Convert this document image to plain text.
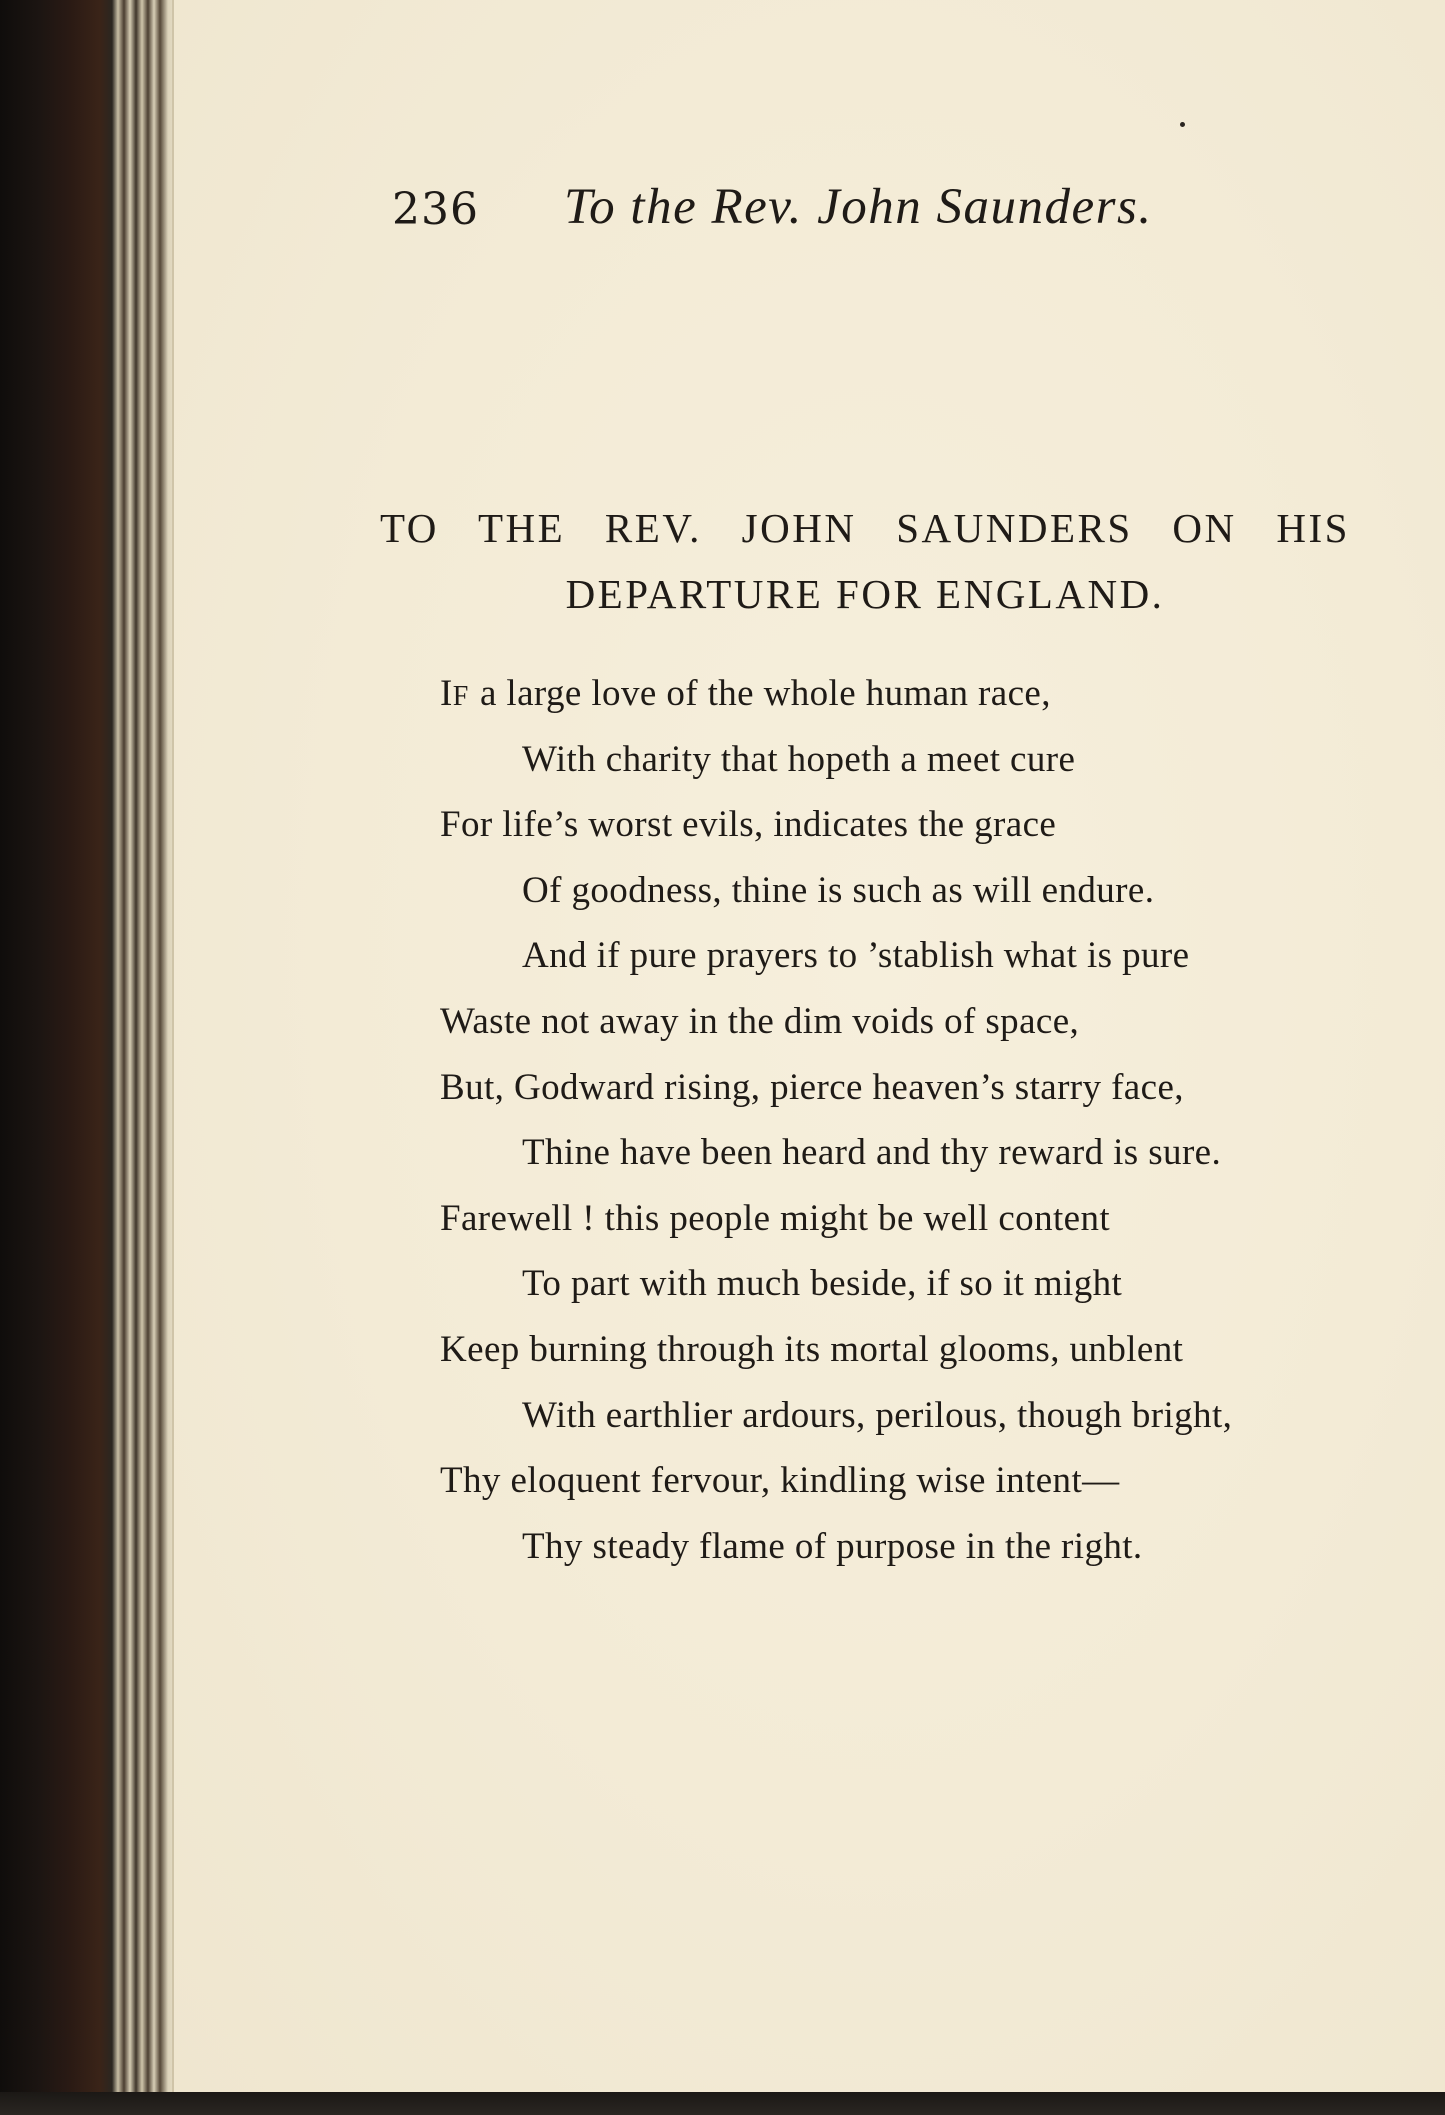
236 To the Rev. John Saunders.
TO THE REV. JOHN SAUNDERS ON HIS
DEPARTURE FOR ENGLAND.
IF a large love of the whole human race,
With charity that hopeth a meet cure
For life’s worst evils, indicates the grace
Of goodness, thine is such as will endure.
And if pure prayers to ’stablish what is pure
Waste not away in the dim voids of space,
But, Godward rising, pierce heaven’s starry face,
Thine have been heard and thy reward is sure.
Farewell ! this people might be well content
To part with much beside, if so it might
Keep burning through its mortal glooms, unblent
With earthlier ardours, perilous, though bright,
Thy eloquent fervour, kindling wise intent—
Thy steady flame of purpose in the right.
